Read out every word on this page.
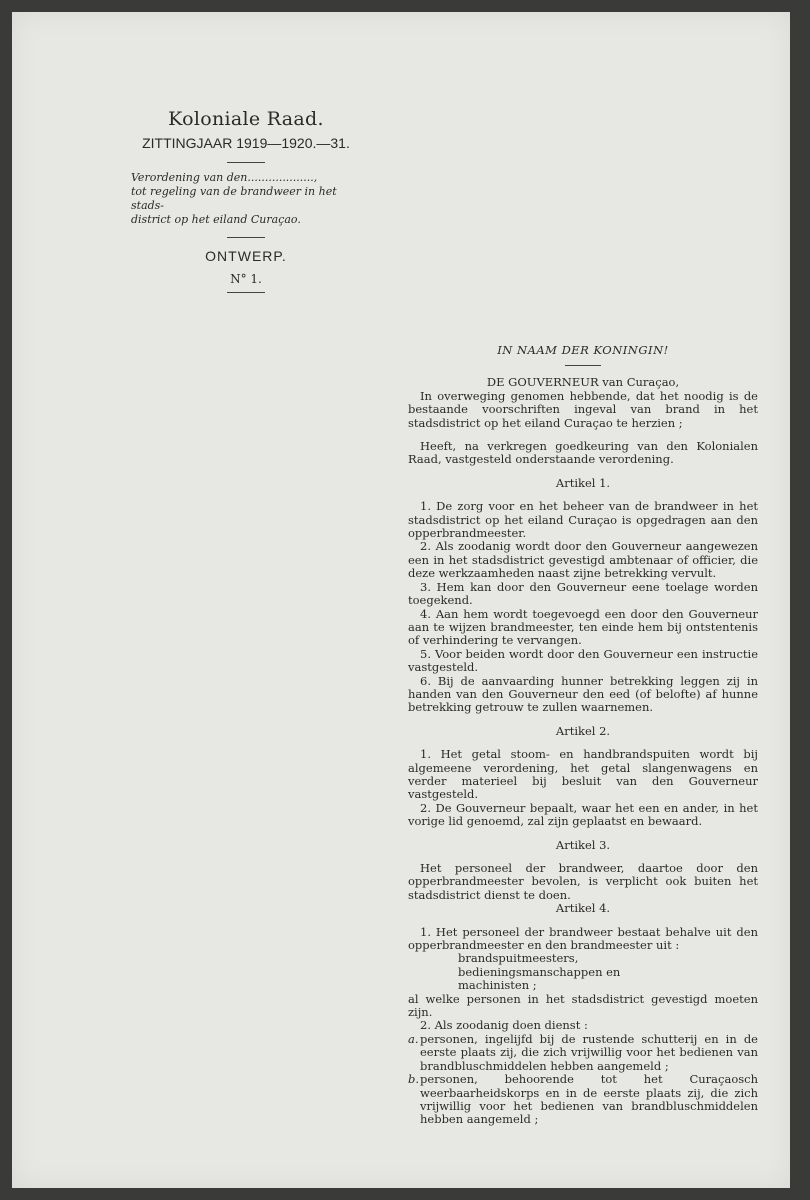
Koloniale Raad.

ZITTINGJAAR 1919—1920.—31.
Verordening van den...................,
tot regeling van de brandweer in het stads-
district op het eiland Curaçao.
ONTWERP.
N° 1.

IN NAAM DER KONINGIN!

DE GOUVERNEUR van Curaçao,

In overweging genomen hebbende, dat het noodig is de bestaande voorschriften ingeval van brand in het stadsdistrict op het eiland Curaçao te herzien ;

Heeft, na verkregen goedkeuring van den Kolonialen Raad, vastgesteld onderstaande verordening.

Artikel 1.

1. De zorg voor en het beheer van de brandweer in het stadsdistrict op het eiland Curaçao is opgedragen aan den opperbrandmeester.

2. Als zoodanig wordt door den Gouverneur aangewezen een in het stadsdistrict gevestigd ambtenaar of officier, die deze werkzaamheden naast zijne betrekking vervult.

3. Hem kan door den Gouverneur eene toelage worden toegekend.

4. Aan hem wordt toegevoegd een door den Gouverneur aan te wijzen brandmeester, ten einde hem bij ontstentenis of verhindering te vervangen.

5. Voor beiden wordt door den Gouverneur een instructie vastgesteld.

6. Bij de aanvaarding hunner betrekking leggen zij in handen van den Gouverneur den eed (of belofte) af hunne betrekking getrouw te zullen waarnemen.

Artikel 2.

1. Het getal stoom- en handbrandspuiten wordt bij algemeene verordening, het getal slangenwagens en verder materieel bij besluit van den Gouverneur vastgesteld.

2. De Gouverneur bepaalt, waar het een en ander, in het vorige lid genoemd, zal zijn geplaatst en bewaard.

Artikel 3.

Het personeel der brandweer, daartoe door den opperbrandmeester bevolen, is verplicht ook buiten het stadsdistrict dienst te doen.

Artikel 4.

1. Het personeel der brandweer bestaat behalve uit den opperbrandmeester en den brandmeester uit :

brandspuitmeesters,

bedieningsmanschappen en

machinisten ;

al welke personen in het stadsdistrict gevestigd moeten zijn.

2. Als zoodanig doen dienst :

a.personen, ingelijfd bij de rustende schutterij en in de eerste plaats zij, die zich vrijwillig voor het bedienen van brandbluschmiddelen hebben aangemeld ;

b.personen, behoorende tot het Curaçaosch weerbaarheidskorps en in de eerste plaats zij, die zich vrijwillig voor het bedienen van brandbluschmiddelen hebben aangemeld ;
